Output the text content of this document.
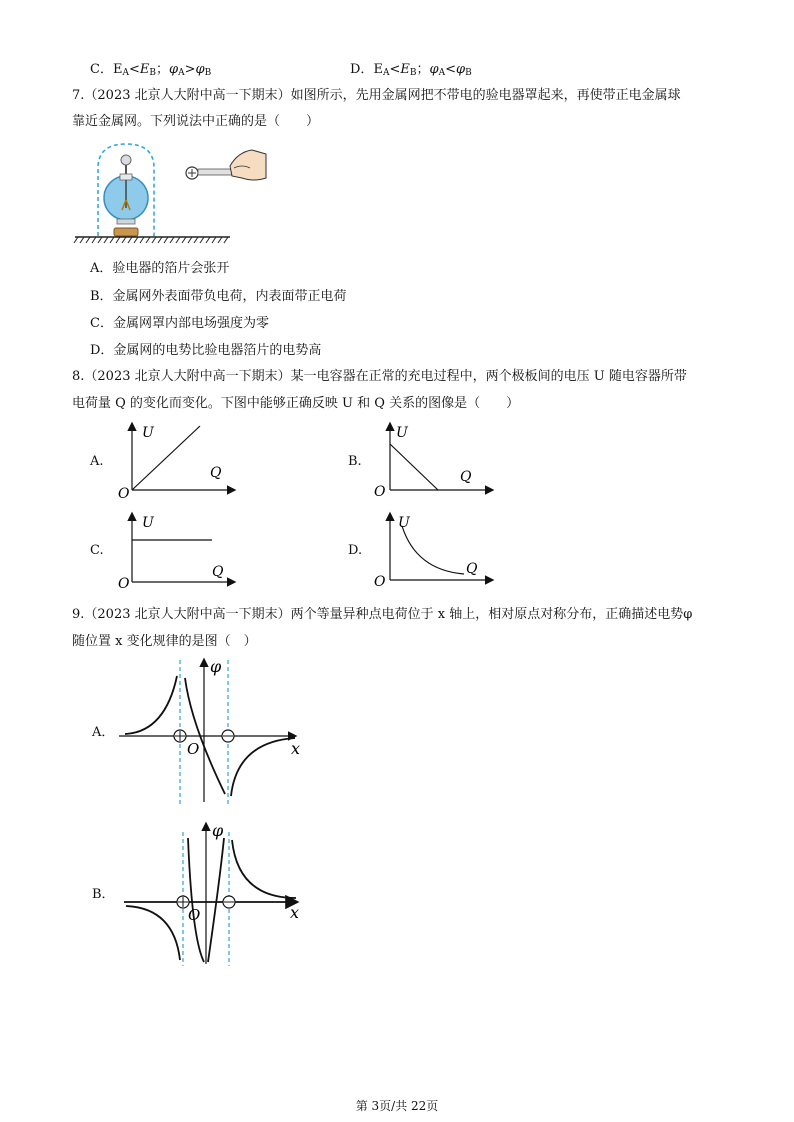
C．$E_A<E_B$；$\varphi_A>\varphi_B$	D．$E_A<E_B$；$\varphi_A<\varphi_B$
7.（2023 北京人大附中高一下期末）如图所示，先用金属网把不带电的验电器罩起来，再使带正电金属球
靠近金属网。下列说法中正确的是（　　）
A．验电器的箔片会张开
B．金属网外表面带负电荷，内表面带正电荷
C．金属网罩内部电场强度为零
D．金属网的电势比验电器箔片的电势高
8.（2023 北京人大附中高一下期末）某一电容器在正常的充电过程中，两个极板间的电压 U 随电容器所带
电荷量 Q 的变化而变化。下图中能够正确反映 U 和 Q 关系的图像是（　　）
A.
U
Q
O
B.
U
Q
O
C.
U
Q
O
D.
U
Q
O
9.（2023 北京人大附中高一下期末）两个等量异种点电荷位于 x 轴上，相对原点对称分布，正确描述电势φ
随位置 x 变化规律的是图（　）
A．
φ
x
O
B．
φ
x
O
第 3页/共 22页
